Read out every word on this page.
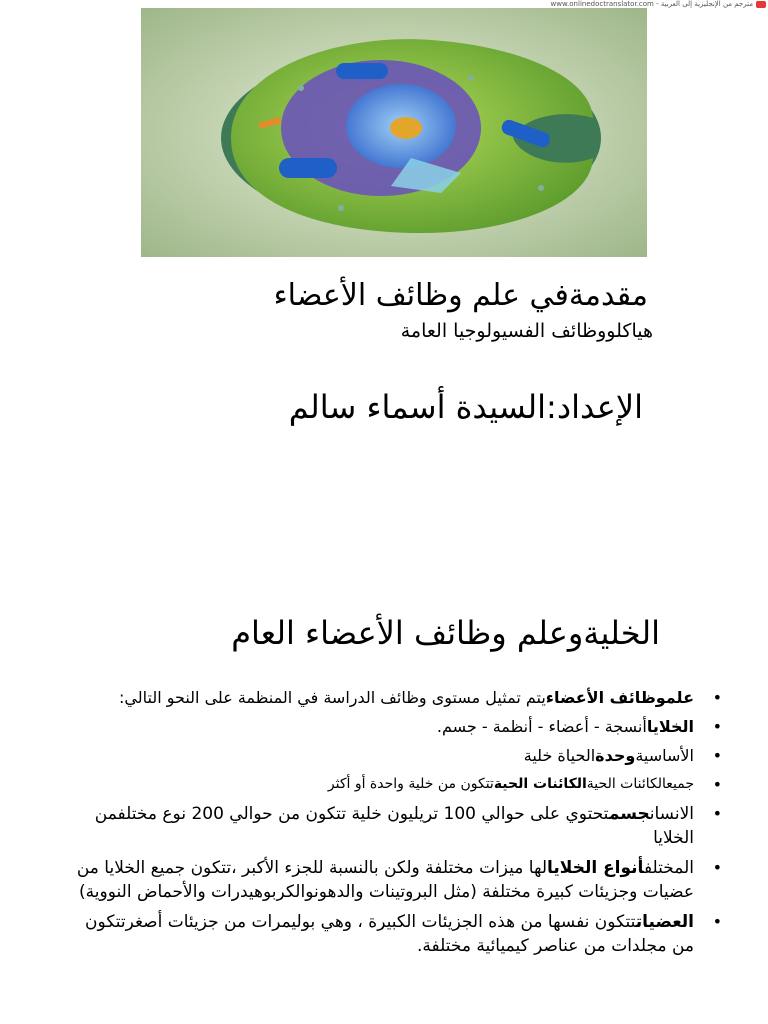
www.onlinedoctranslator.com - مترجم من الإنجليزية إلى العربية
مقدمةفي علم وظائف الأعضاء
هياكلووظائف الفسيولوجيا العامة
الإعداد:السيدة أسماء سالم
الخليةوعلم وظائف الأعضاء العام
• علموظائف الأعضاءيتم تمثيل مستوى وظائف الدراسة في المنظمة على النحو التالي:
• الخلاياأنسجة - أعضاء - أنظمة - جسم.
• الأساسيةوحدةالحياة خلية
• جميعالكائنات الحيةالكائنات الحيةتتكون من خلية واحدة أو أكثر
• الانسانجسمتحتوي على حوالي 100 تريليون خلية تتكون من حوالي 200 نوع مختلفمن الخلايا
• المختلفأنواع الخلايالها ميزات مختلفة ولكن بالنسبة للجزء الأكبر ،تتكون جميع الخلايا من عضيات وجزيئات كبيرة مختلفة (مثل البروتينات والدهونوالكربوهيدرات والأحماض النووية)
• العضياتتتكون نفسها من هذه الجزيئات الكبيرة ، وهي بوليمرات من جزيئات أصغرتتكون من مجلدات من عناصر كيميائية مختلفة.
